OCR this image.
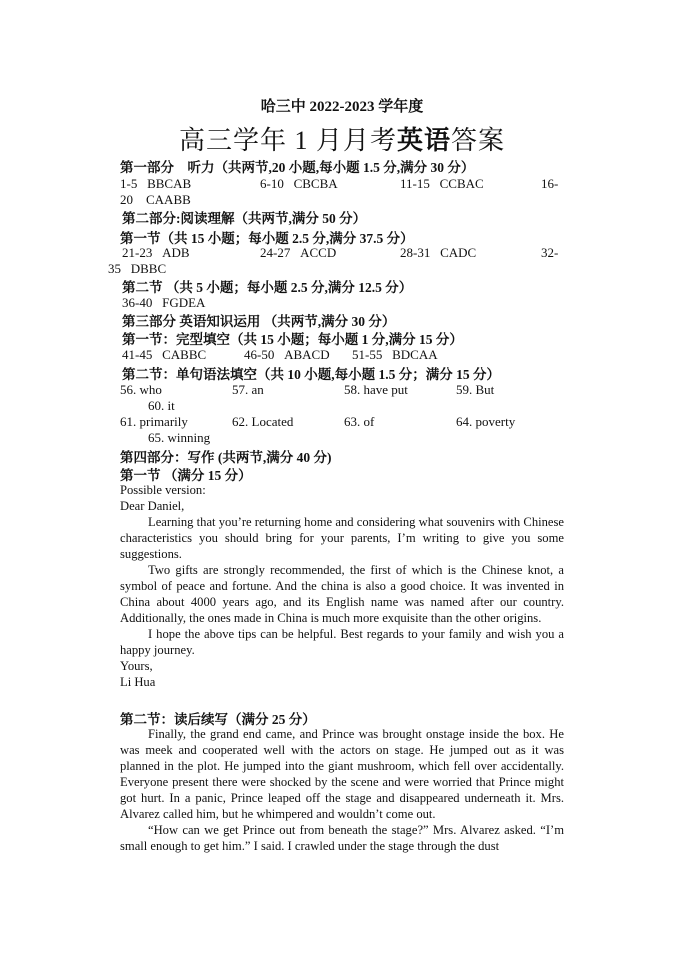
哈三中 2022-2023 学年度
高三学年 1 月月考英语答案
第一部分　听力（共两节,20 小题,每小题 1.5 分,满分 30 分）
1-5 BBCAB	6-10 CBCBA	11-15 CCBAC	16-
20 CAABB
第二部分:阅读理解（共两节,满分 50 分）
第一节（共 15 小题；每小题 2.5 分,满分 37.5 分）
21-23 ADB	24-27 ACCD	28-31 CADC	32-
35 DBBC
第二节 （共 5 小题；每小题 2.5 分,满分 12.5 分）
36-40 FGDEA
第三部分 英语知识运用 （共两节,满分 30 分）
第一节：完型填空（共 15 小题；每小题 1 分,满分 15 分）
41-45 CABBC	46-50 ABACD 51-55 BDCAA
第二节：单句语法填空（共 10 小题,每小题 1.5 分；满分 15 分）
56. who	57. an	58. have put	59. But
60. it
61. primarily	62. Located	63. of	64. poverty
65. winning
第四部分：写作 (共两节,满分 40 分)
第一节 （满分 15 分）

Possible version:

Dear Daniel,

Learning that you’re returning home and considering what souvenirs with Chinese characteristics you should bring for your parents, I’m writing to give you some suggestions.

Two gifts are strongly recommended, the first of which is the Chinese knot, a symbol of peace and fortune. And the china is also a good choice. It was invented in China about 4000 years ago, and its English name was named after our country. Additionally, the ones made in China is much more exquisite than the other origins.

I hope the above tips can be helpful. Best regards to your family and wish you a happy journey.

Yours,

Li Hua

第二节：读后续写（满分 25 分）

Finally, the grand end came, and Prince was brought onstage inside the box. He was meek and cooperated well with the actors on stage. He jumped out as it was planned in the plot. He jumped into the giant mushroom, which fell over accidentally. Everyone present there were shocked by the scene and were worried that Prince might got hurt. In a panic, Prince leaped off the stage and disappeared underneath it. Mrs. Alvarez called him, but he whimpered and wouldn’t come out.

“How can we get Prince out from beneath the stage?” Mrs. Alvarez asked. “I’m small enough to get him.” I said. I crawled under the stage through the dust
